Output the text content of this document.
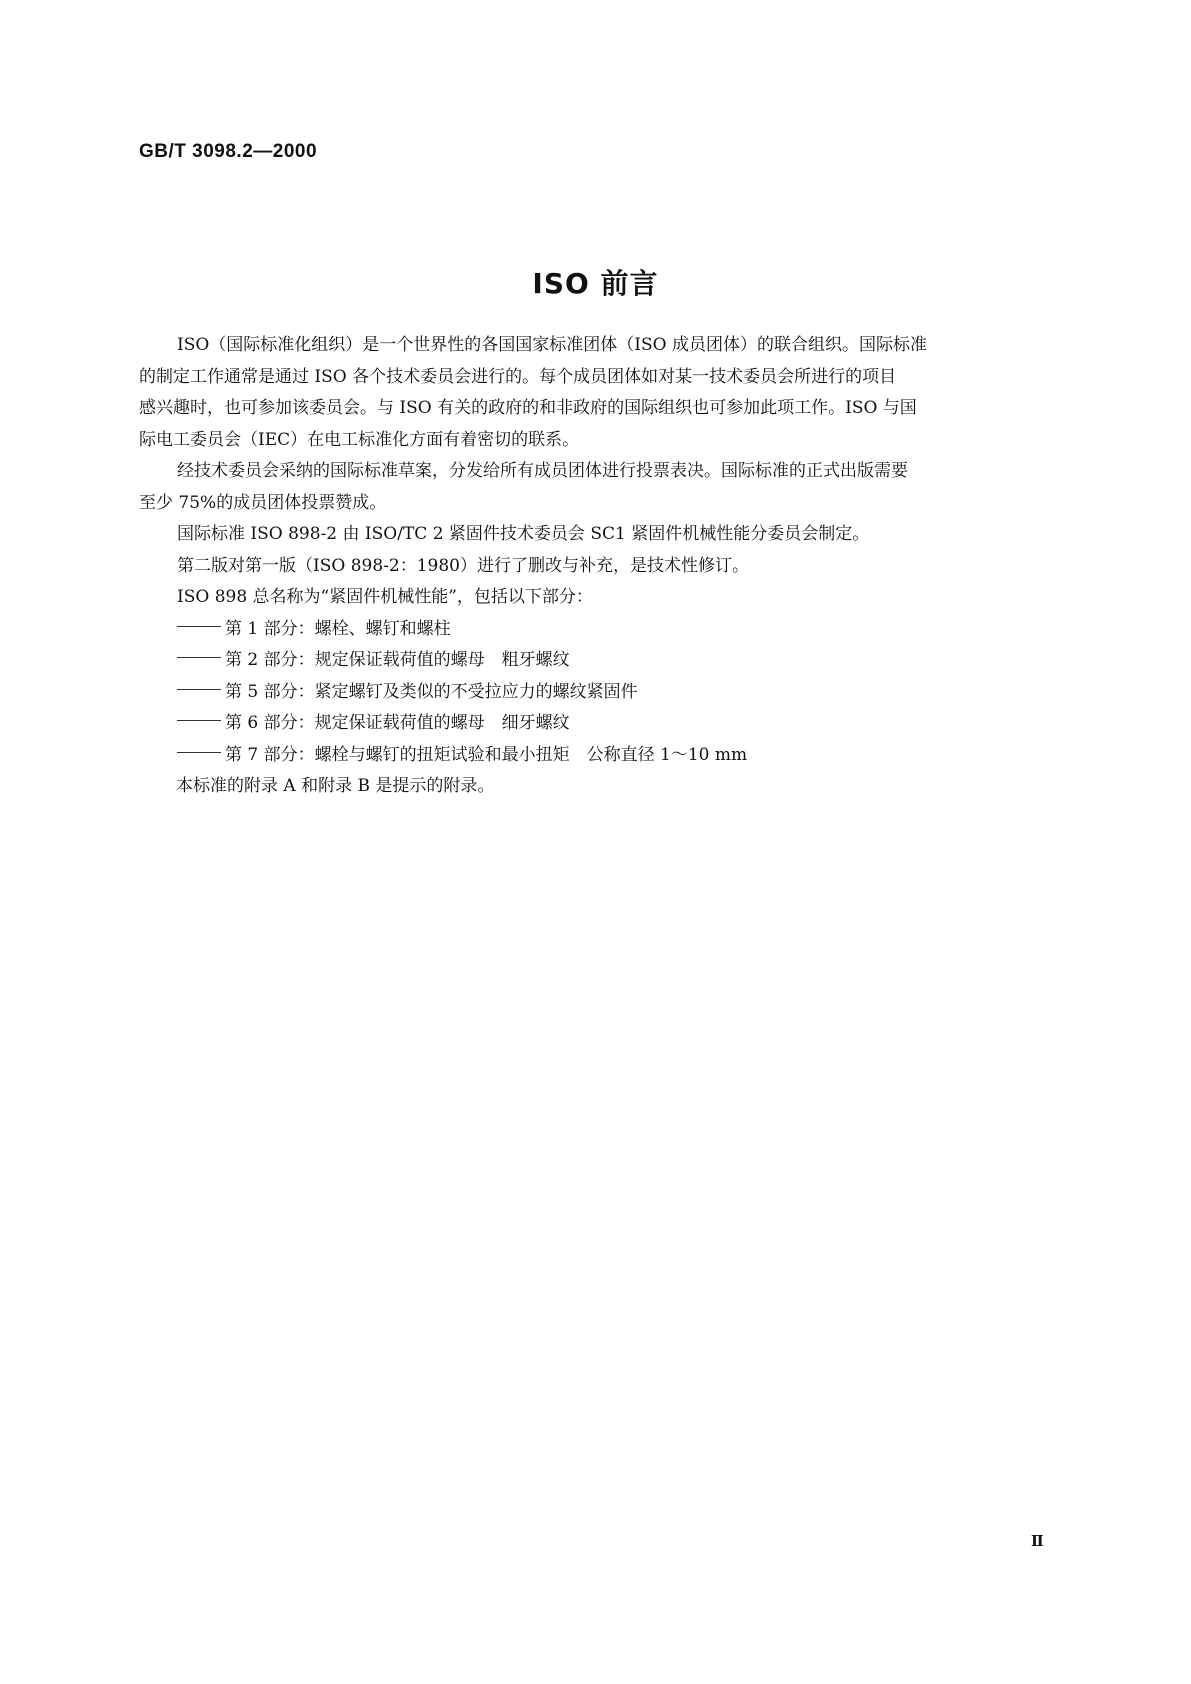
GB/T 3098.2—2000
ISO 前言

ISO（国际标准化组织）是一个世界性的各国国家标准团体（ISO 成员团体）的联合组织。国际标准

的制定工作通常是通过 ISO 各个技术委员会进行的。每个成员团体如对某一技术委员会所进行的项目

感兴趣时，也可参加该委员会。与 ISO 有关的政府的和非政府的国际组织也可参加此项工作。ISO 与国

际电工委员会（IEC）在电工标准化方面有着密切的联系。

经技术委员会采纳的国际标准草案，分发给所有成员团体进行投票表决。国际标准的正式出版需要

至少 75%的成员团体投票赞成。

国际标准 ISO 898-2 由 ISO/TC 2 紧固件技术委员会 SC1 紧固件机械性能分委员会制定。

第二版对第一版（ISO 898-2：1980）进行了删改与补充，是技术性修订。

ISO 898 总名称为“紧固件机械性能”，包括以下部分：

第 1 部分：螺栓、螺钉和螺柱

第 2 部分：规定保证载荷值的螺母　粗牙螺纹

第 5 部分：紧定螺钉及类似的不受拉应力的螺纹紧固件

第 6 部分：规定保证载荷值的螺母　细牙螺纹

第 7 部分：螺栓与螺钉的扭矩试验和最小扭矩　公称直径 1～10 mm

本标准的附录 A 和附录 B 是提示的附录。

Ⅱ
